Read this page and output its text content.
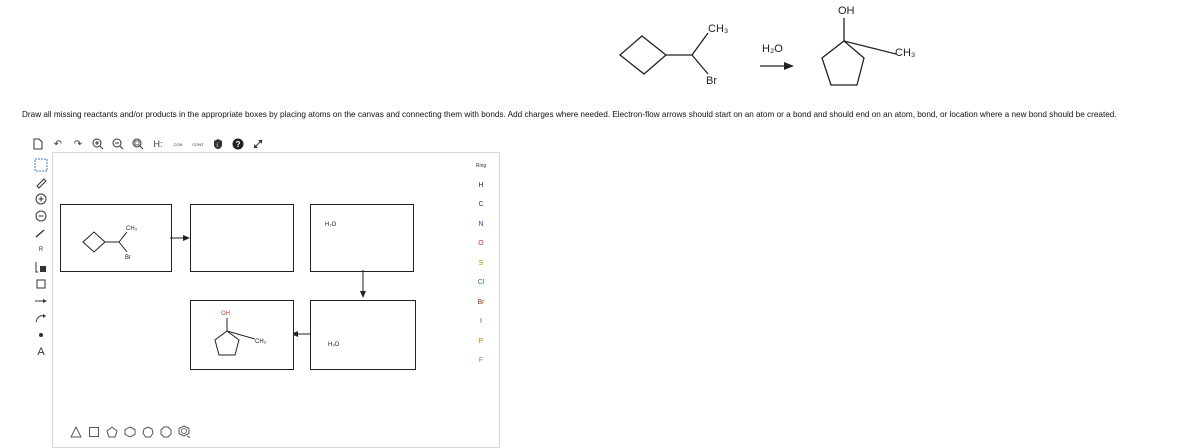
CH₃
Br
H₂O
OH
CH₃
Draw all missing reactants and/or products in the appropriate boxes by placing atoms on the canvas and connecting them with bonds. Add charges where needed. Electron-flow arrows should start on an atom or a bond and should end on an atom, bond, or location where a new bond should be created.
↶	↷	H:	CON	CONT	i ?
R
A
CH₃
Br
H₂O
H₂O
OH
CH₃
Ring
H
C
N
O
S
Cl
Br
I
P
F
